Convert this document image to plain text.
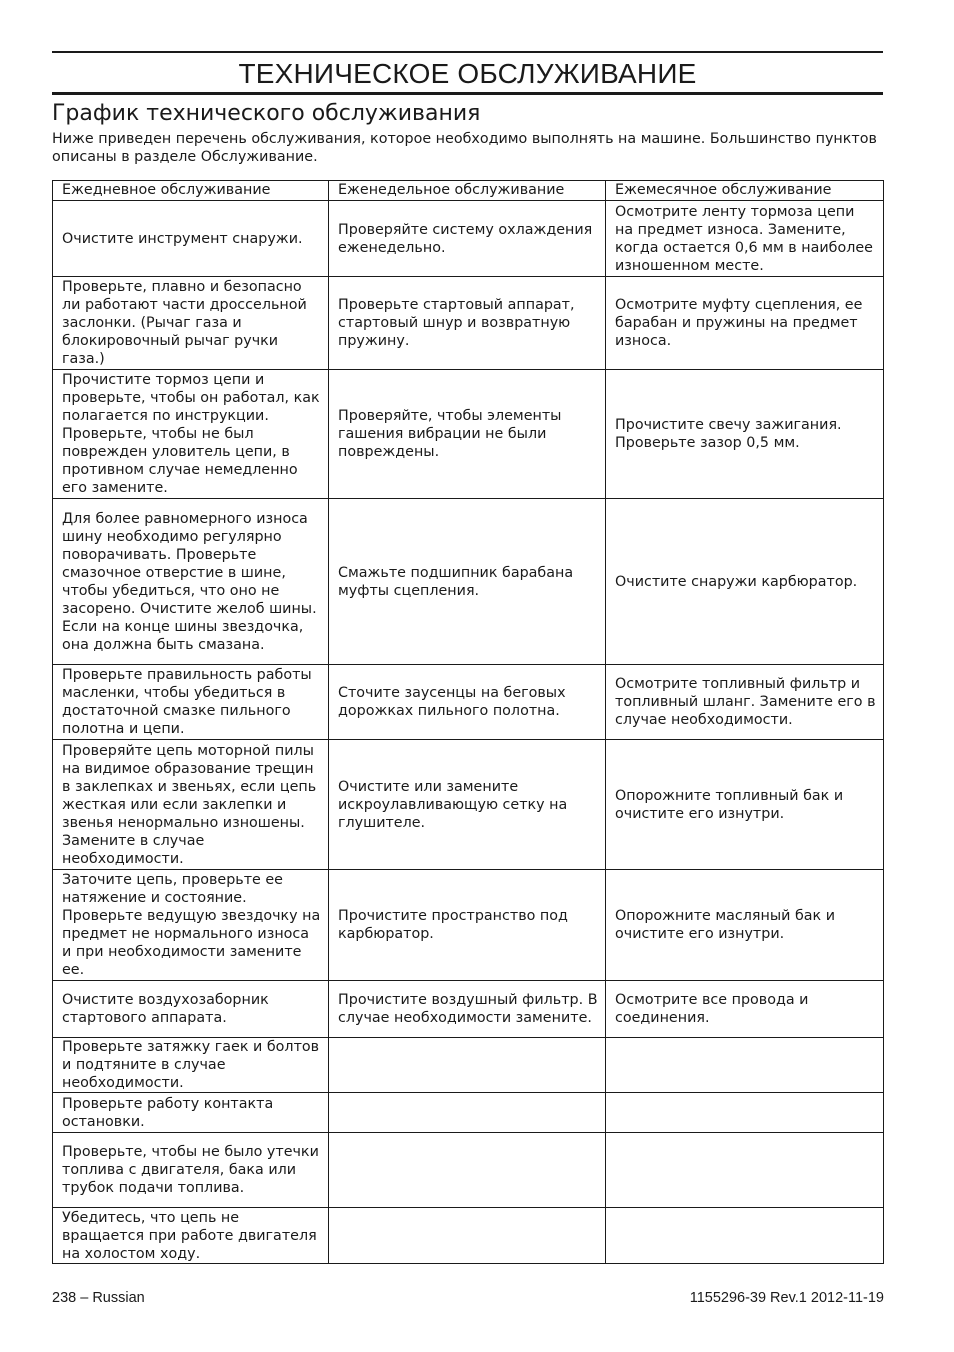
ТЕХНИЧЕСКОЕ ОБСЛУЖИВАНИЕ
График технического обслуживания
Ниже приведен перечень обслуживания, которое необходимо выполнять на машине. Большинство пунктов описаны в разделе Обслуживание.
Ежедневное обслуживание	Еженедельное обслуживание	Ежемесячное обслуживание
Очистите инструмент снаружи.	Проверяйте систему охлаждения еженедельно.	Осмотрите ленту тормоза цепи на предмет износа. Замените, когда остается 0,6 мм в наиболее изношенном месте.
Проверьте, плавно и безопасно ли работают части дроссельной заслонки. (Рычаг газа и блокировочный рычаг ручки газа.)	Проверьте стартовый аппарат, стартовый шнур и возвратную пружину.	Осмотрите муфту сцепления, ее барабан и пружины на предмет износа.
Прочистите тормоз цепи и проверьте, чтобы он работал, как полагается по инструкции. Проверьте, чтобы не был поврежден уловитель цепи, в противном случае немедленно его замените.	Проверяйте, чтобы элементы гашения вибрации не были повреждены.	Прочистите свечу зажигания. Проверьте зазор 0,5 мм.
Для более равномерного износа шину необходимо регулярно поворачивать. Проверьте смазочное отверстие в шине, чтобы убедиться, что оно не засорено. Очистите желоб шины. Если на конце шины звездочка, она должна быть смазана.	Смажьте подшипник барабана муфты сцепления.	Очистите снаружи карбюратор.
Проверьте правильность работы масленки, чтобы убедиться в достаточной смазке пильного полотна и цепи.	Сточите заусенцы на беговых дорожках пильного полотна.	Осмотрите топливный фильтр и топливный шланг. Замените его в случае необходимости.
Проверяйте цепь моторной пилы на видимое образование трещин в заклепках и звеньях, если цепь жесткая или если заклепки и звенья ненормально изношены. Замените в случае необходимости.	Очистите или замените искроулавливающую сетку на глушителе.	Опорожните топливный бак и очистите его изнутри.
Заточите цепь, проверьте ее натяжение и состояние. Проверьте ведущую звездочку на предмет не нормального износа и при необходимости замените ее.	Прочистите пространство под карбюратор.	Опорожните масляный бак и очистите его изнутри.
Очистите воздухозаборник стартового аппарата.	Прочистите воздушный фильтр. В случае необходимости замените.	Осмотрите все провода и соединения.
Проверьте затяжку гаек и болтов и подтяните в случае необходимости.		
Проверьте работу контакта остановки.		
Проверьте, чтобы не было утечки топлива с двигателя, бака или трубок подачи топлива.		
Убедитесь, что цепь не вращается при работе двигателя на холостом ходу.		
238 – Russian	1155296-39 Rev.1 2012-11-19
